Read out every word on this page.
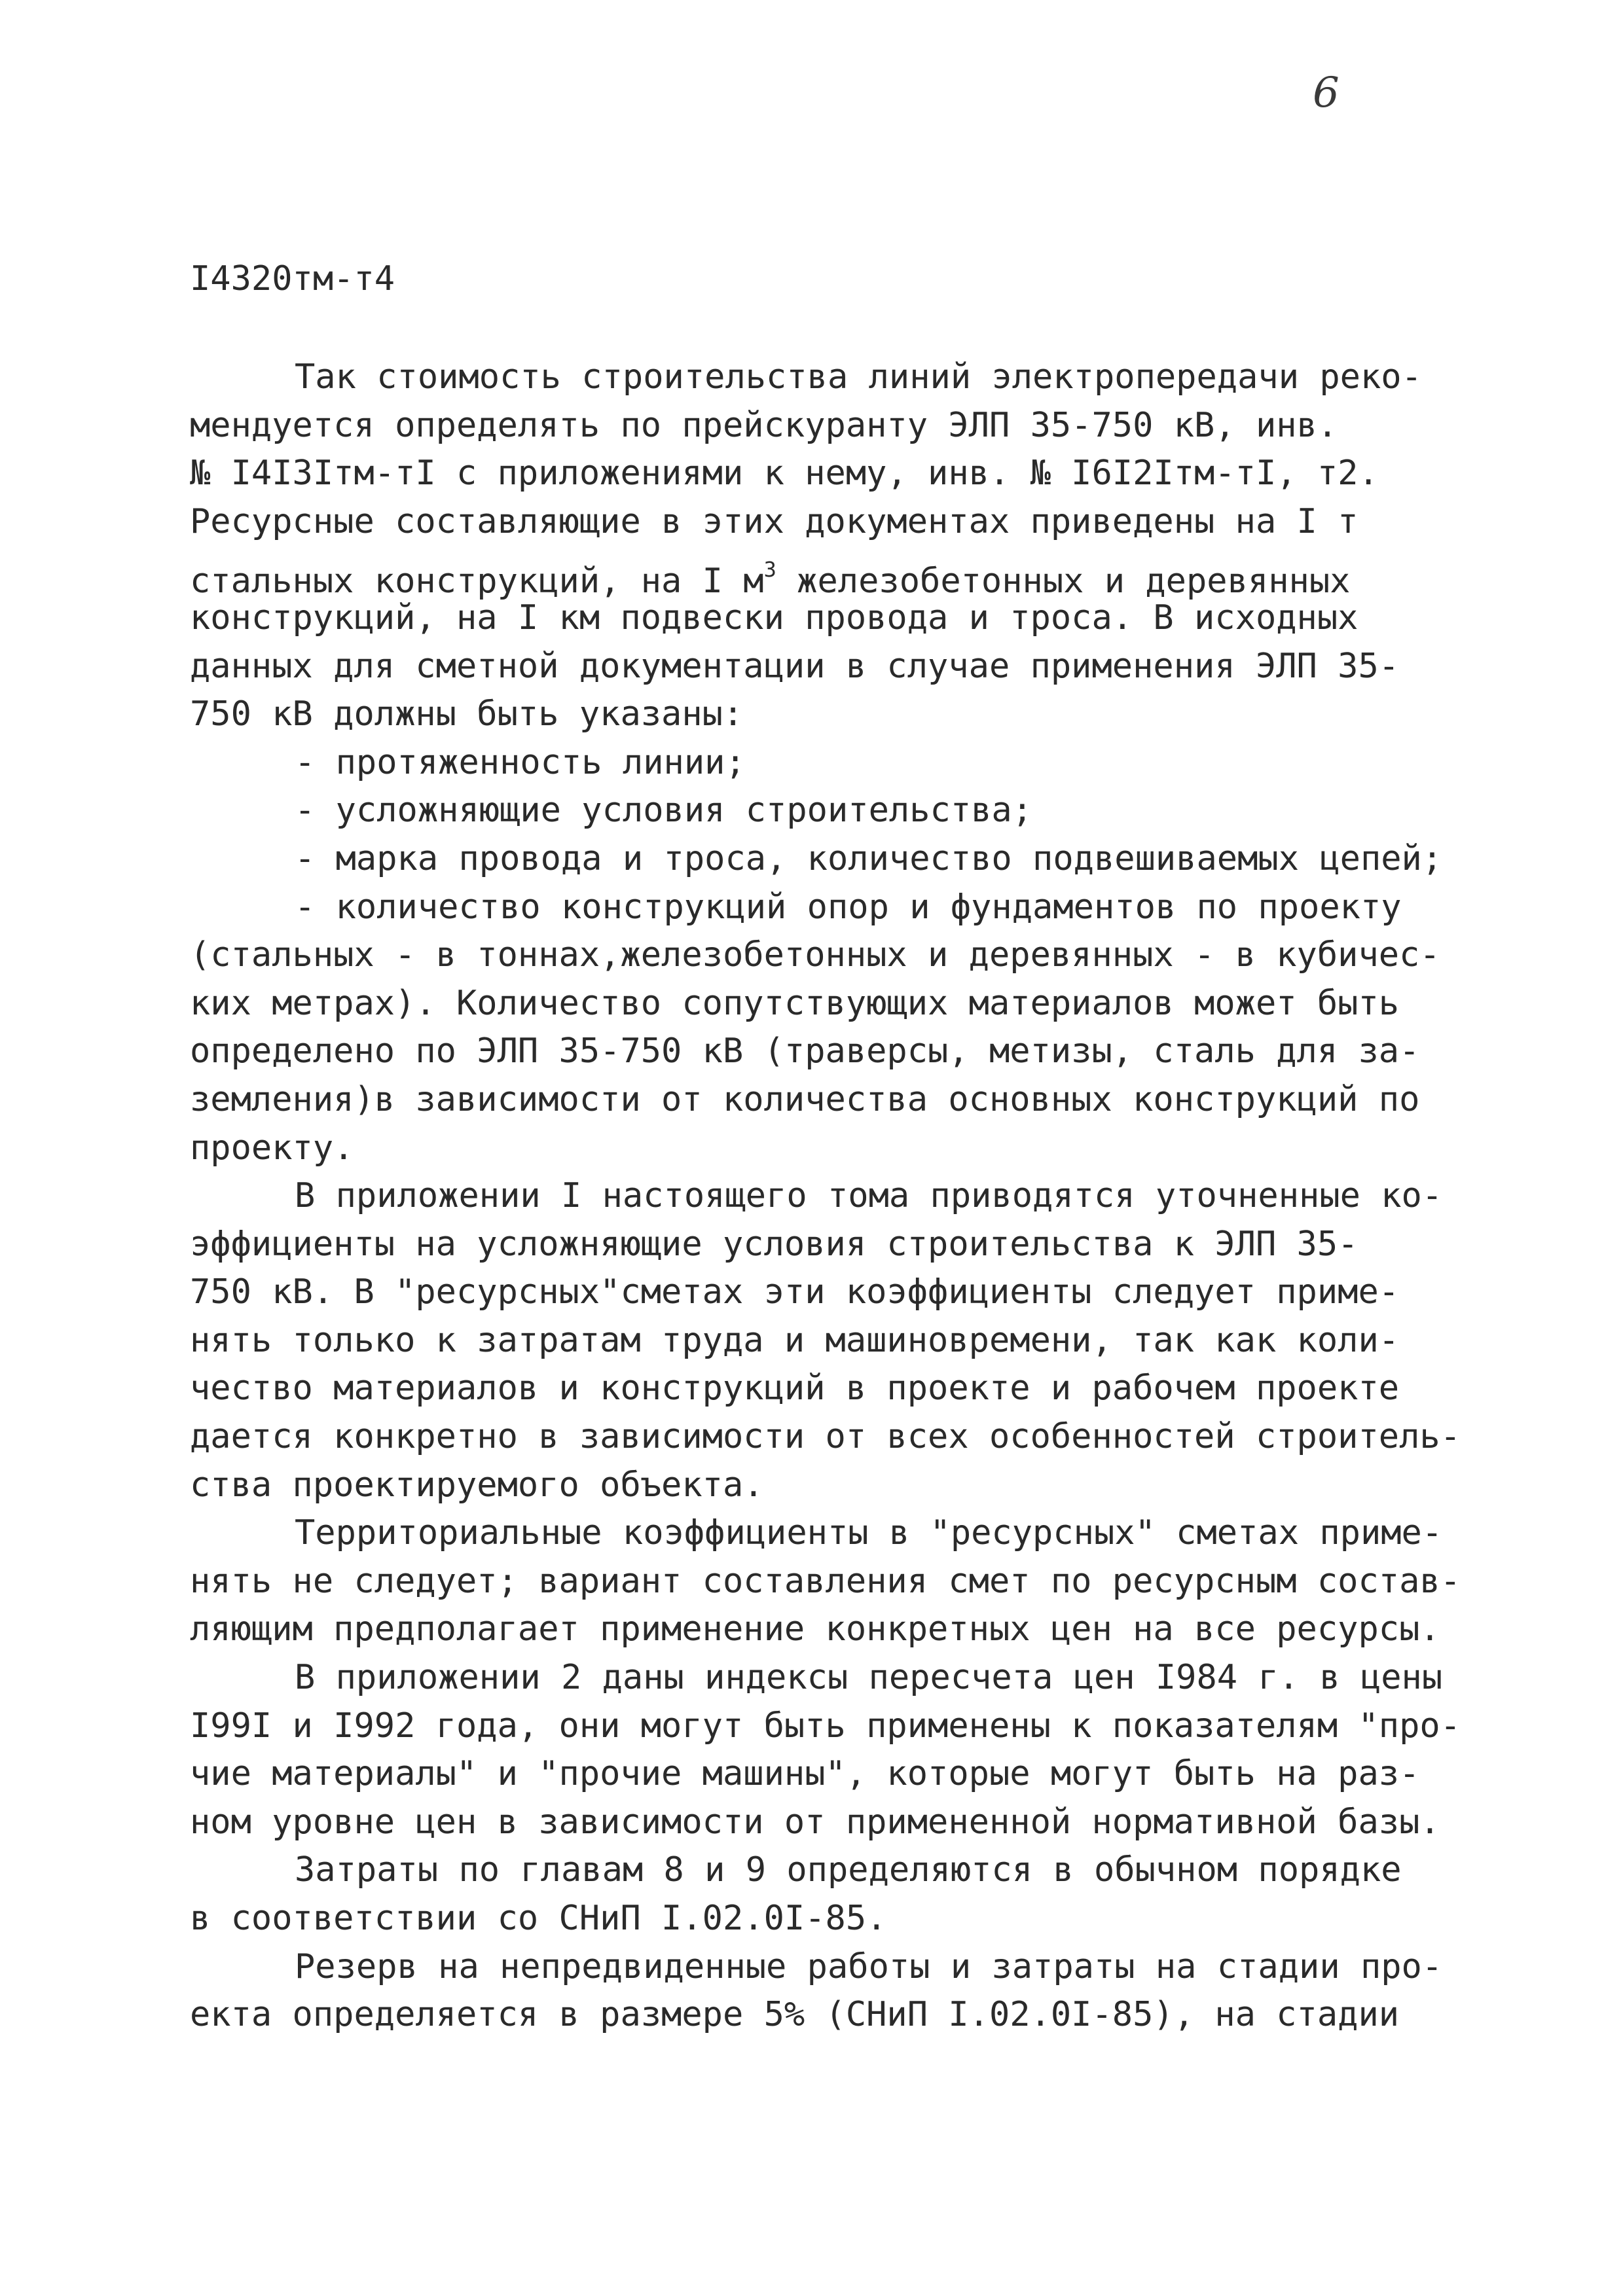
6
I4320тм-т4
Так стоимость строительства линий электропередачи реко-
мендуется определять по прейскуранту ЭЛП 35-750 кВ, инв.
№ I4I3Iтм-тI с приложениями к нему, инв. № I6I2Iтм-тI, т2.
Ресурсные составляющие в этих документах приведены на I т
стальных конструкций, на I $м^3$ железобетонных и деревянных
конструкций, на I км подвески провода и троса. В исходных
данных для сметной документации в случае применения ЭЛП 35-
750 кВ должны быть указаны:
- протяженность линии;
- усложняющие условия строительства;
- марка провода и троса, количество подвешиваемых цепей;
- количество конструкций опор и фундаментов по проекту
(стальных - в тоннах,железобетонных и деревянных - в кубичес-
ких метрах). Количество сопутствующих материалов может быть
определено по ЭЛП 35-750 кВ (траверсы, метизы, сталь для за-
земления)в зависимости от количества основных конструкций по
проекту.
В приложении I настоящего тома приводятся уточненные ко-
эффициенты на усложняющие условия строительства к ЭЛП 35-
750 кВ. В "ресурсных"сметах эти коэффициенты следует приме-
нять только к затратам труда и машиновремени, так как коли-
чество материалов и конструкций в проекте и рабочем проекте
дается конкретно в зависимости от всех особенностей строитель-
ства проектируемого объекта.
Территориальные коэффициенты в "ресурсных" сметах приме-
нять не следует; вариант составления смет по ресурсным состав-
ляющим предполагает применение конкретных цен на все ресурсы.
В приложении 2 даны индексы пересчета цен I984 г. в цены
I99I и I992 года, они могут быть применены к показателям "про-
чие материалы" и "прочие машины", которые могут быть на раз-
ном уровне цен в зависимости от примененной нормативной базы.
Затраты по главам 8 и 9 определяются в обычном порядке
в соответствии со СНиП I.02.0I-85.
Резерв на непредвиденные работы и затраты на стадии про-
екта определяется в размере 5% (СНиП I.02.0I-85), на стадии
